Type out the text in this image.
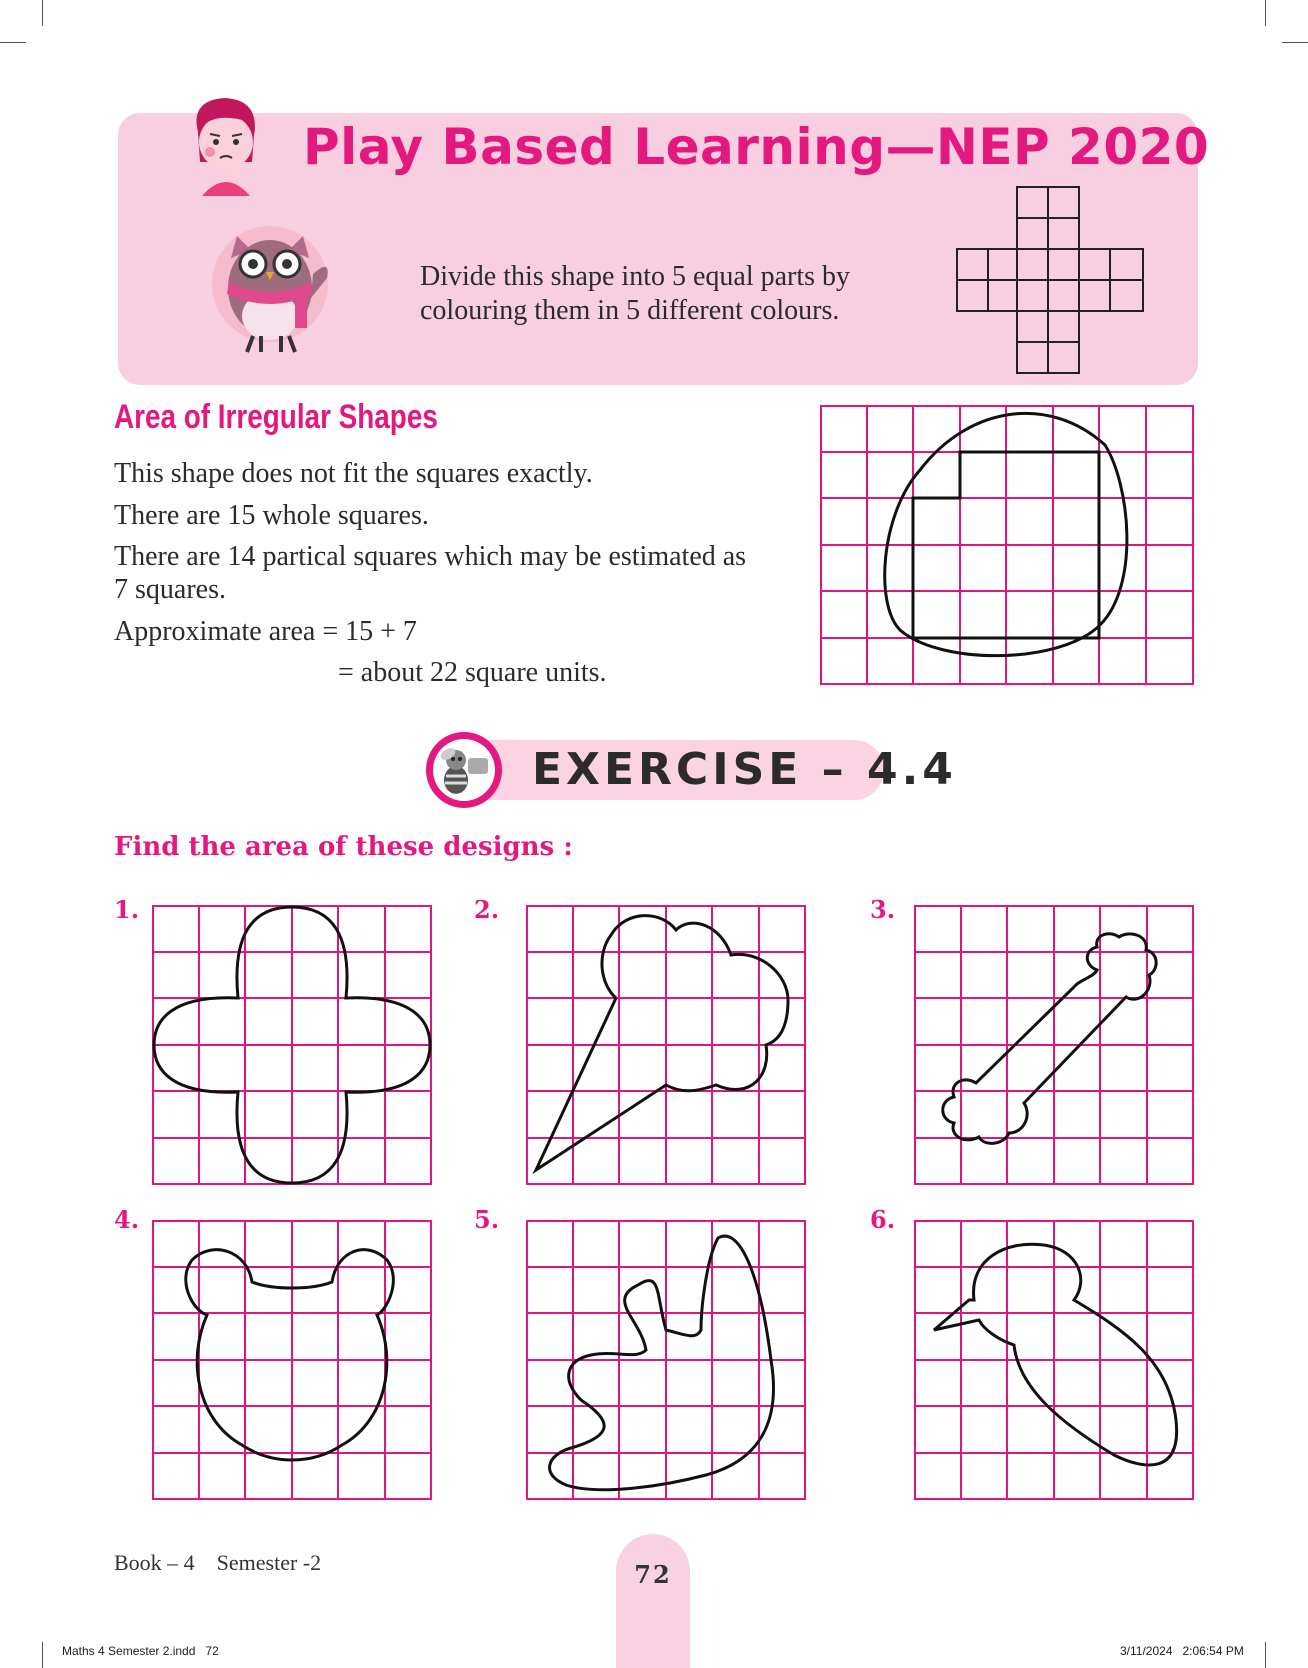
Play Based Learning—NEP 2020
Divide this shape into 5 equal parts by colouring them in 5 different colours.
Area of Irregular Shapes
This shape does not fit the squares exactly.
There are 15 whole squares.
There are 14 partical squares which may be estimated as
7 squares.
Approximate area = 15 + 7
= about 22 square units.
EXERCISE – 4.4
Find the area of these designs :
1.	2.	3.
4.	5.	6.
Book – 4    Semester -2	72
Maths 4 Semester 2.indd   72	3/11/2024   2:06:54 PM
